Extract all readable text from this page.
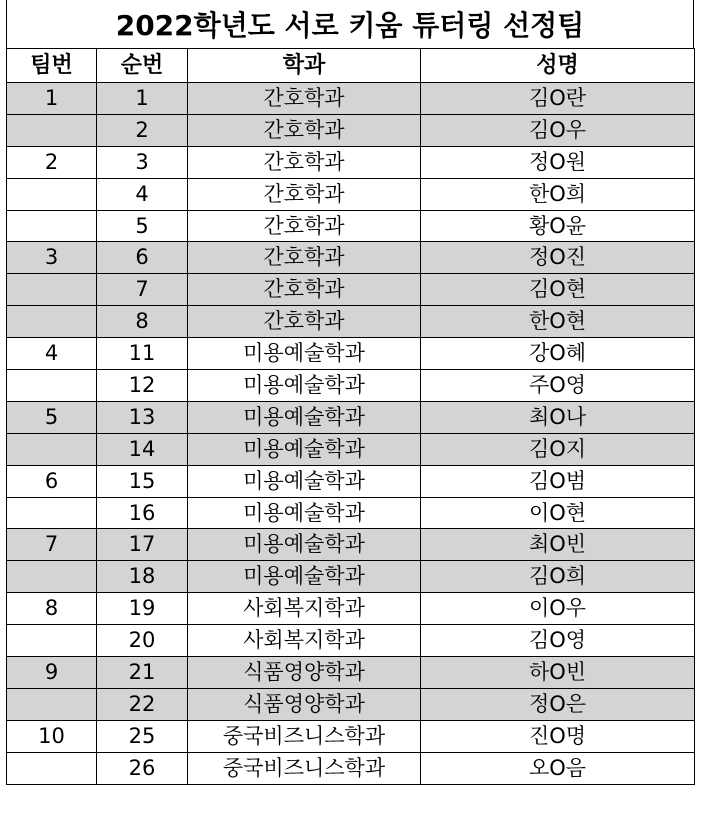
2022학년도 서로 키움 튜터링 선정팀
팀번	순번	학과	성명
1	1	간호학과	김O란
	2	간호학과	김O우
2	3	간호학과	정O원
	4	간호학과	한O희
	5	간호학과	황O윤
3	6	간호학과	정O진
	7	간호학과	김O현
	8	간호학과	한O현
4	11	미용예술학과	강O혜
	12	미용예술학과	주O영
5	13	미용예술학과	최O나
	14	미용예술학과	김O지
6	15	미용예술학과	김O범
	16	미용예술학과	이O현
7	17	미용예술학과	최O빈
	18	미용예술학과	김O희
8	19	사회복지학과	이O우
	20	사회복지학과	김O영
9	21	식품영양학과	하O빈
	22	식품영양학과	정O은
10	25	중국비즈니스학과	진O명
	26	중국비즈니스학과	오O음
